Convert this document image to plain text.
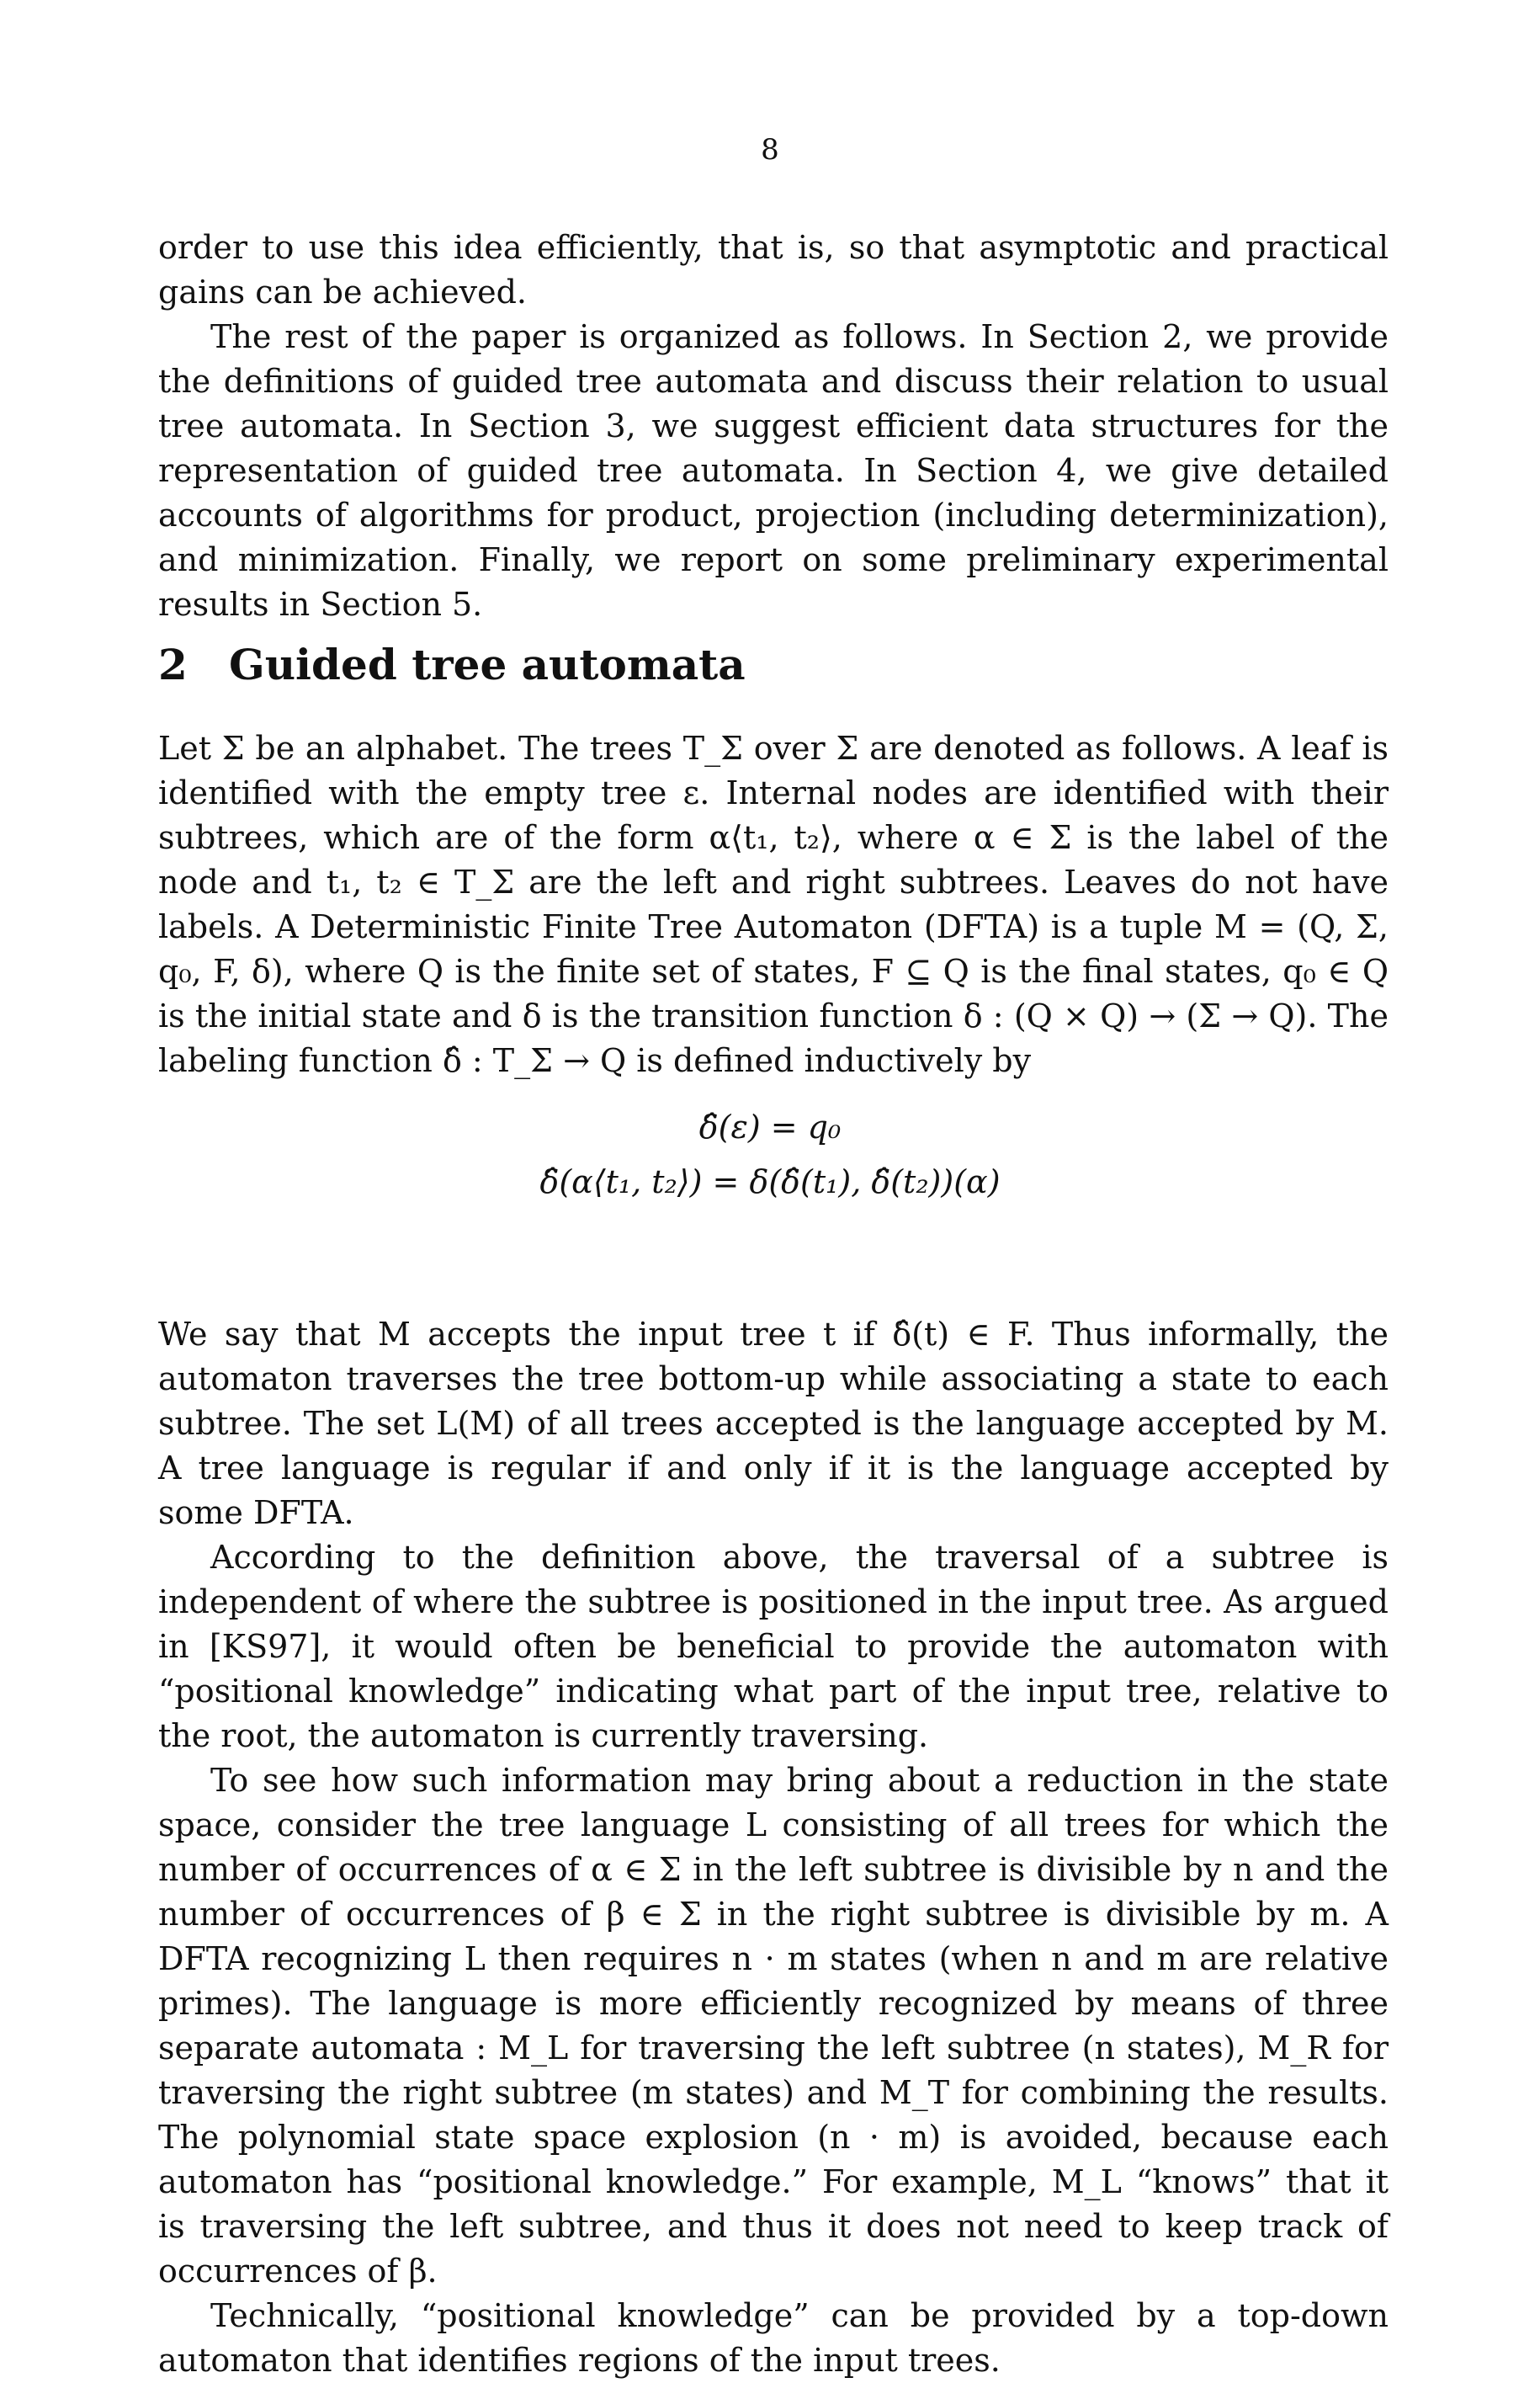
8

order to use this idea efficiently, that is, so that asymptotic and practical gains can be achieved.

The rest of the paper is organized as follows. In Section 2, we provide the definitions of guided tree automata and discuss their relation to usual tree automata. In Section 3, we suggest efficient data structures for the representation of guided tree automata. In Section 4, we give detailed accounts of algorithms for product, projection (including determinization), and minimization. Finally, we report on some preliminary experimental results in Section 5.

2 Guided tree automata

Let Σ be an alphabet. The trees T_Σ over Σ are denoted as follows. A leaf is identified with the empty tree ε. Internal nodes are identified with their subtrees, which are of the form α⟨t₁, t₂⟩, where α ∈ Σ is the label of the node and t₁, t₂ ∈ T_Σ are the left and right subtrees. Leaves do not have labels. A Deterministic Finite Tree Automaton (DFTA) is a tuple M = (Q, Σ, q₀, F, δ), where Q is the finite set of states, F ⊆ Q is the final states, q₀ ∈ Q is the initial state and δ is the transition function δ : (Q × Q) → (Σ → Q). The labeling function δ̂ : T_Σ → Q is defined inductively by

δ̂(ε) = q₀
δ̂(α⟨t₁, t₂⟩) = δ(δ̂(t₁), δ̂(t₂))(α)

We say that M accepts the input tree t if δ̂(t) ∈ F. Thus informally, the automaton traverses the tree bottom-up while associating a state to each subtree. The set L(M) of all trees accepted is the language accepted by M. A tree language is regular if and only if it is the language accepted by some DFTA.

According to the definition above, the traversal of a subtree is independent of where the subtree is positioned in the input tree. As argued in [KS97], it would often be beneficial to provide the automaton with “positional knowledge” indicating what part of the input tree, relative to the root, the automaton is currently traversing.

To see how such information may bring about a reduction in the state space, consider the tree language L consisting of all trees for which the number of occurrences of α ∈ Σ in the left subtree is divisible by n and the number of occurrences of β ∈ Σ in the right subtree is divisible by m. A DFTA recognizing L then requires n · m states (when n and m are relative primes). The language is more efficiently recognized by means of three separate automata : M_L for traversing the left subtree (n states), M_R for traversing the right subtree (m states) and M_T for combining the results. The polynomial state space explosion (n · m) is avoided, because each automaton has “positional knowledge.” For example, M_L “knows” that it is traversing the left subtree, and thus it does not need to keep track of occurrences of β.

Technically, “positional knowledge” can be provided by a top-down automaton that identifies regions of the input trees.
